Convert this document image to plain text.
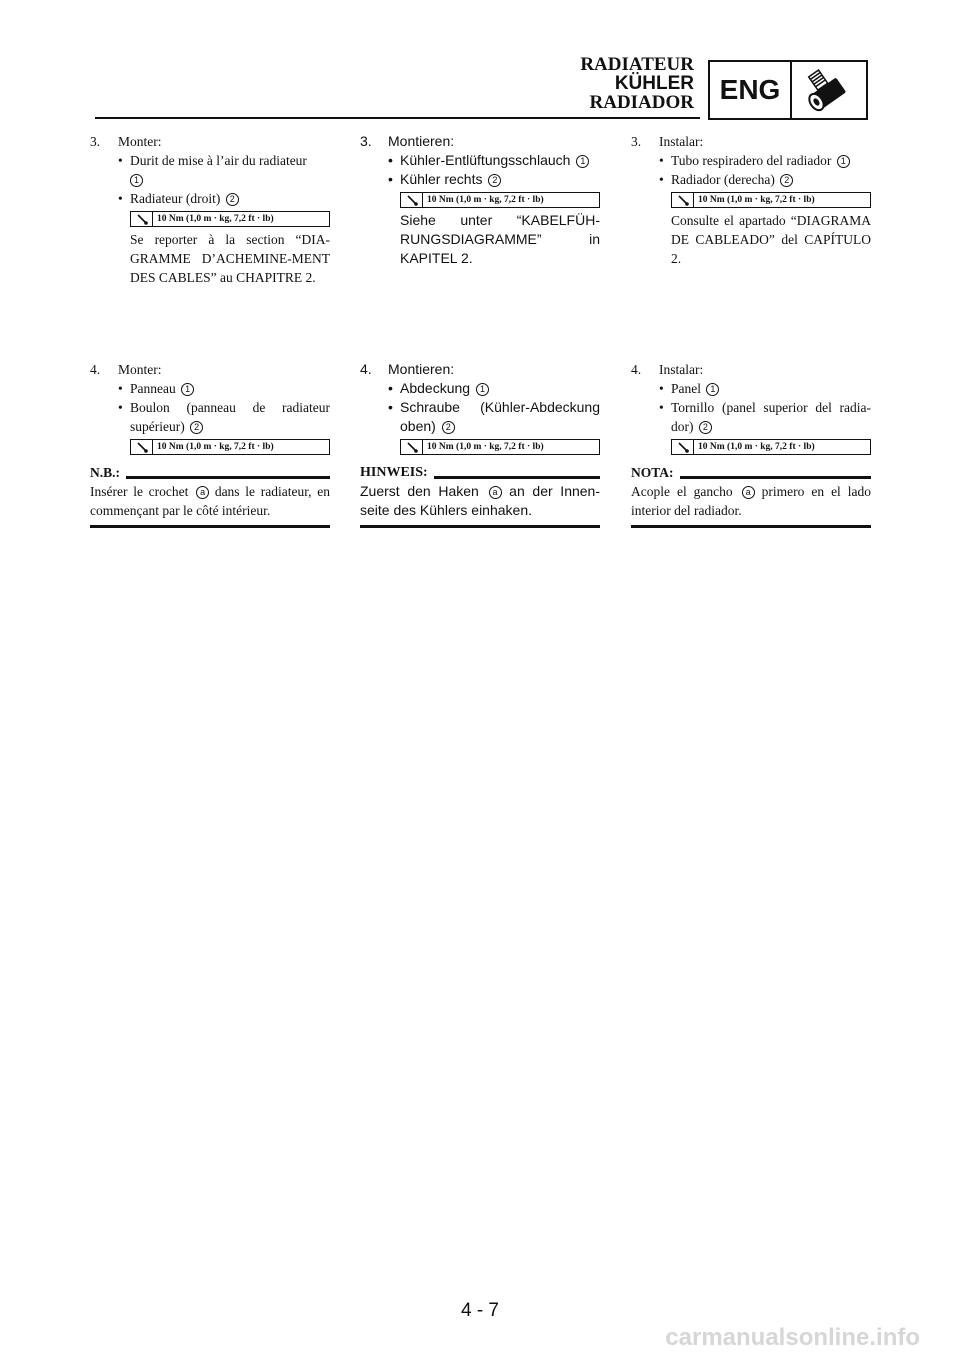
RADIATEUR
KÜHLER
RADIADOR ENG
3. Monter:
• Durit de mise à l’air du radiateur
1
• Radiateur (droit) 2
10 Nm (1,0 m · kg, 7,2 ft · lb)
Se reporter à la section “DIA-GRAMME D’ACHEMINE-MENT DES CABLES” au CHAPITRE 2.
4. Monter:
• Panneau 1
• Boulon (panneau de radiateur supérieur) 2
10 Nm (1,0 m · kg, 7,2 ft · lb)
N.B.:
Insérer le crochet a dans le radiateur, en commençant par le côté intérieur.
3. Montieren:
• Kühler-Entlüftungsschlauch 1
• Kühler rechts 2
10 Nm (1,0 m · kg, 7,2 ft · lb)
Siehe unter “KABELFÜH-RUNGSDIAGRAMME” in KAPITEL 2.
4. Montieren:
• Abdeckung 1
• Schraube (Kühler-Abdeckung oben) 2
10 Nm (1,0 m · kg, 7,2 ft · lb)
HINWEIS:
Zuerst den Haken a an der Innen-seite des Kühlers einhaken.
3. Instalar:
• Tubo respiradero del radiador 1
• Radiador (derecha) 2
10 Nm (1,0 m · kg, 7,2 ft · lb)
Consulte el apartado “DIAGRAMA DE CABLEADO” del CAPÍTULO 2.
4. Instalar:
• Panel 1
• Tornillo (panel superior del radia-dor) 2
10 Nm (1,0 m · kg, 7,2 ft · lb)
NOTA:
Acople el gancho a primero en el lado interior del radiador.
4 - 7
carmanualsonline.info
